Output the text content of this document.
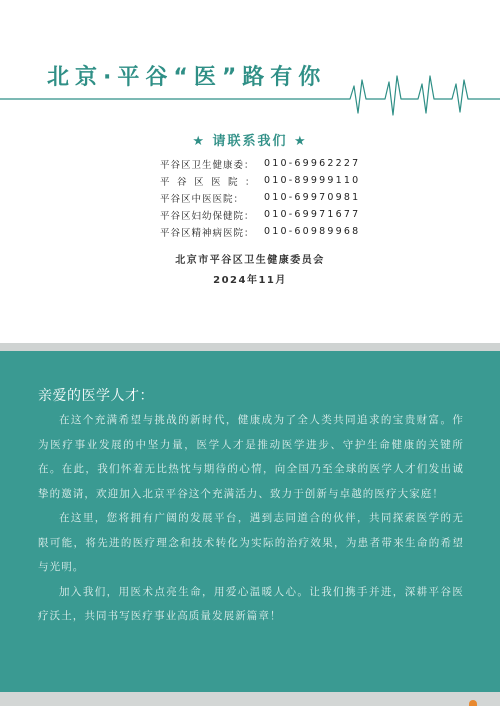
北京·平谷“医”路有你
★ 请联系我们 ★
平谷区卫生健康委： 010-69962227
平谷区医院： 010-89999110
平谷区中医医院：	010-69970981
平谷区妇幼保健院： 010-69971677
平谷区精神病医院： 010-60989968
北京市平谷区卫生健康委员会
2024年11月
亲爱的医学人才：

在这个充满希望与挑战的新时代，健康成为了全人类共同追求的宝贵财富。作为医疗事业发展的中坚力量，医学人才是推动医学进步、守护生命健康的关键所在。在此，我们怀着无比热忱与期待的心情，向全国乃至全球的医学人才们发出诚挚的邀请，欢迎加入北京平谷这个充满活力、致力于创新与卓越的医疗大家庭！

在这里，您将拥有广阔的发展平台，遇到志同道合的伙伴，共同探索医学的无限可能，将先进的医疗理念和技术转化为实际的治疗效果，为患者带来生命的希望与光明。

加入我们，用医术点亮生命，用爱心温暖人心。让我们携手并进，深耕平谷医疗沃土，共同书写医疗事业高质量发展新篇章！
